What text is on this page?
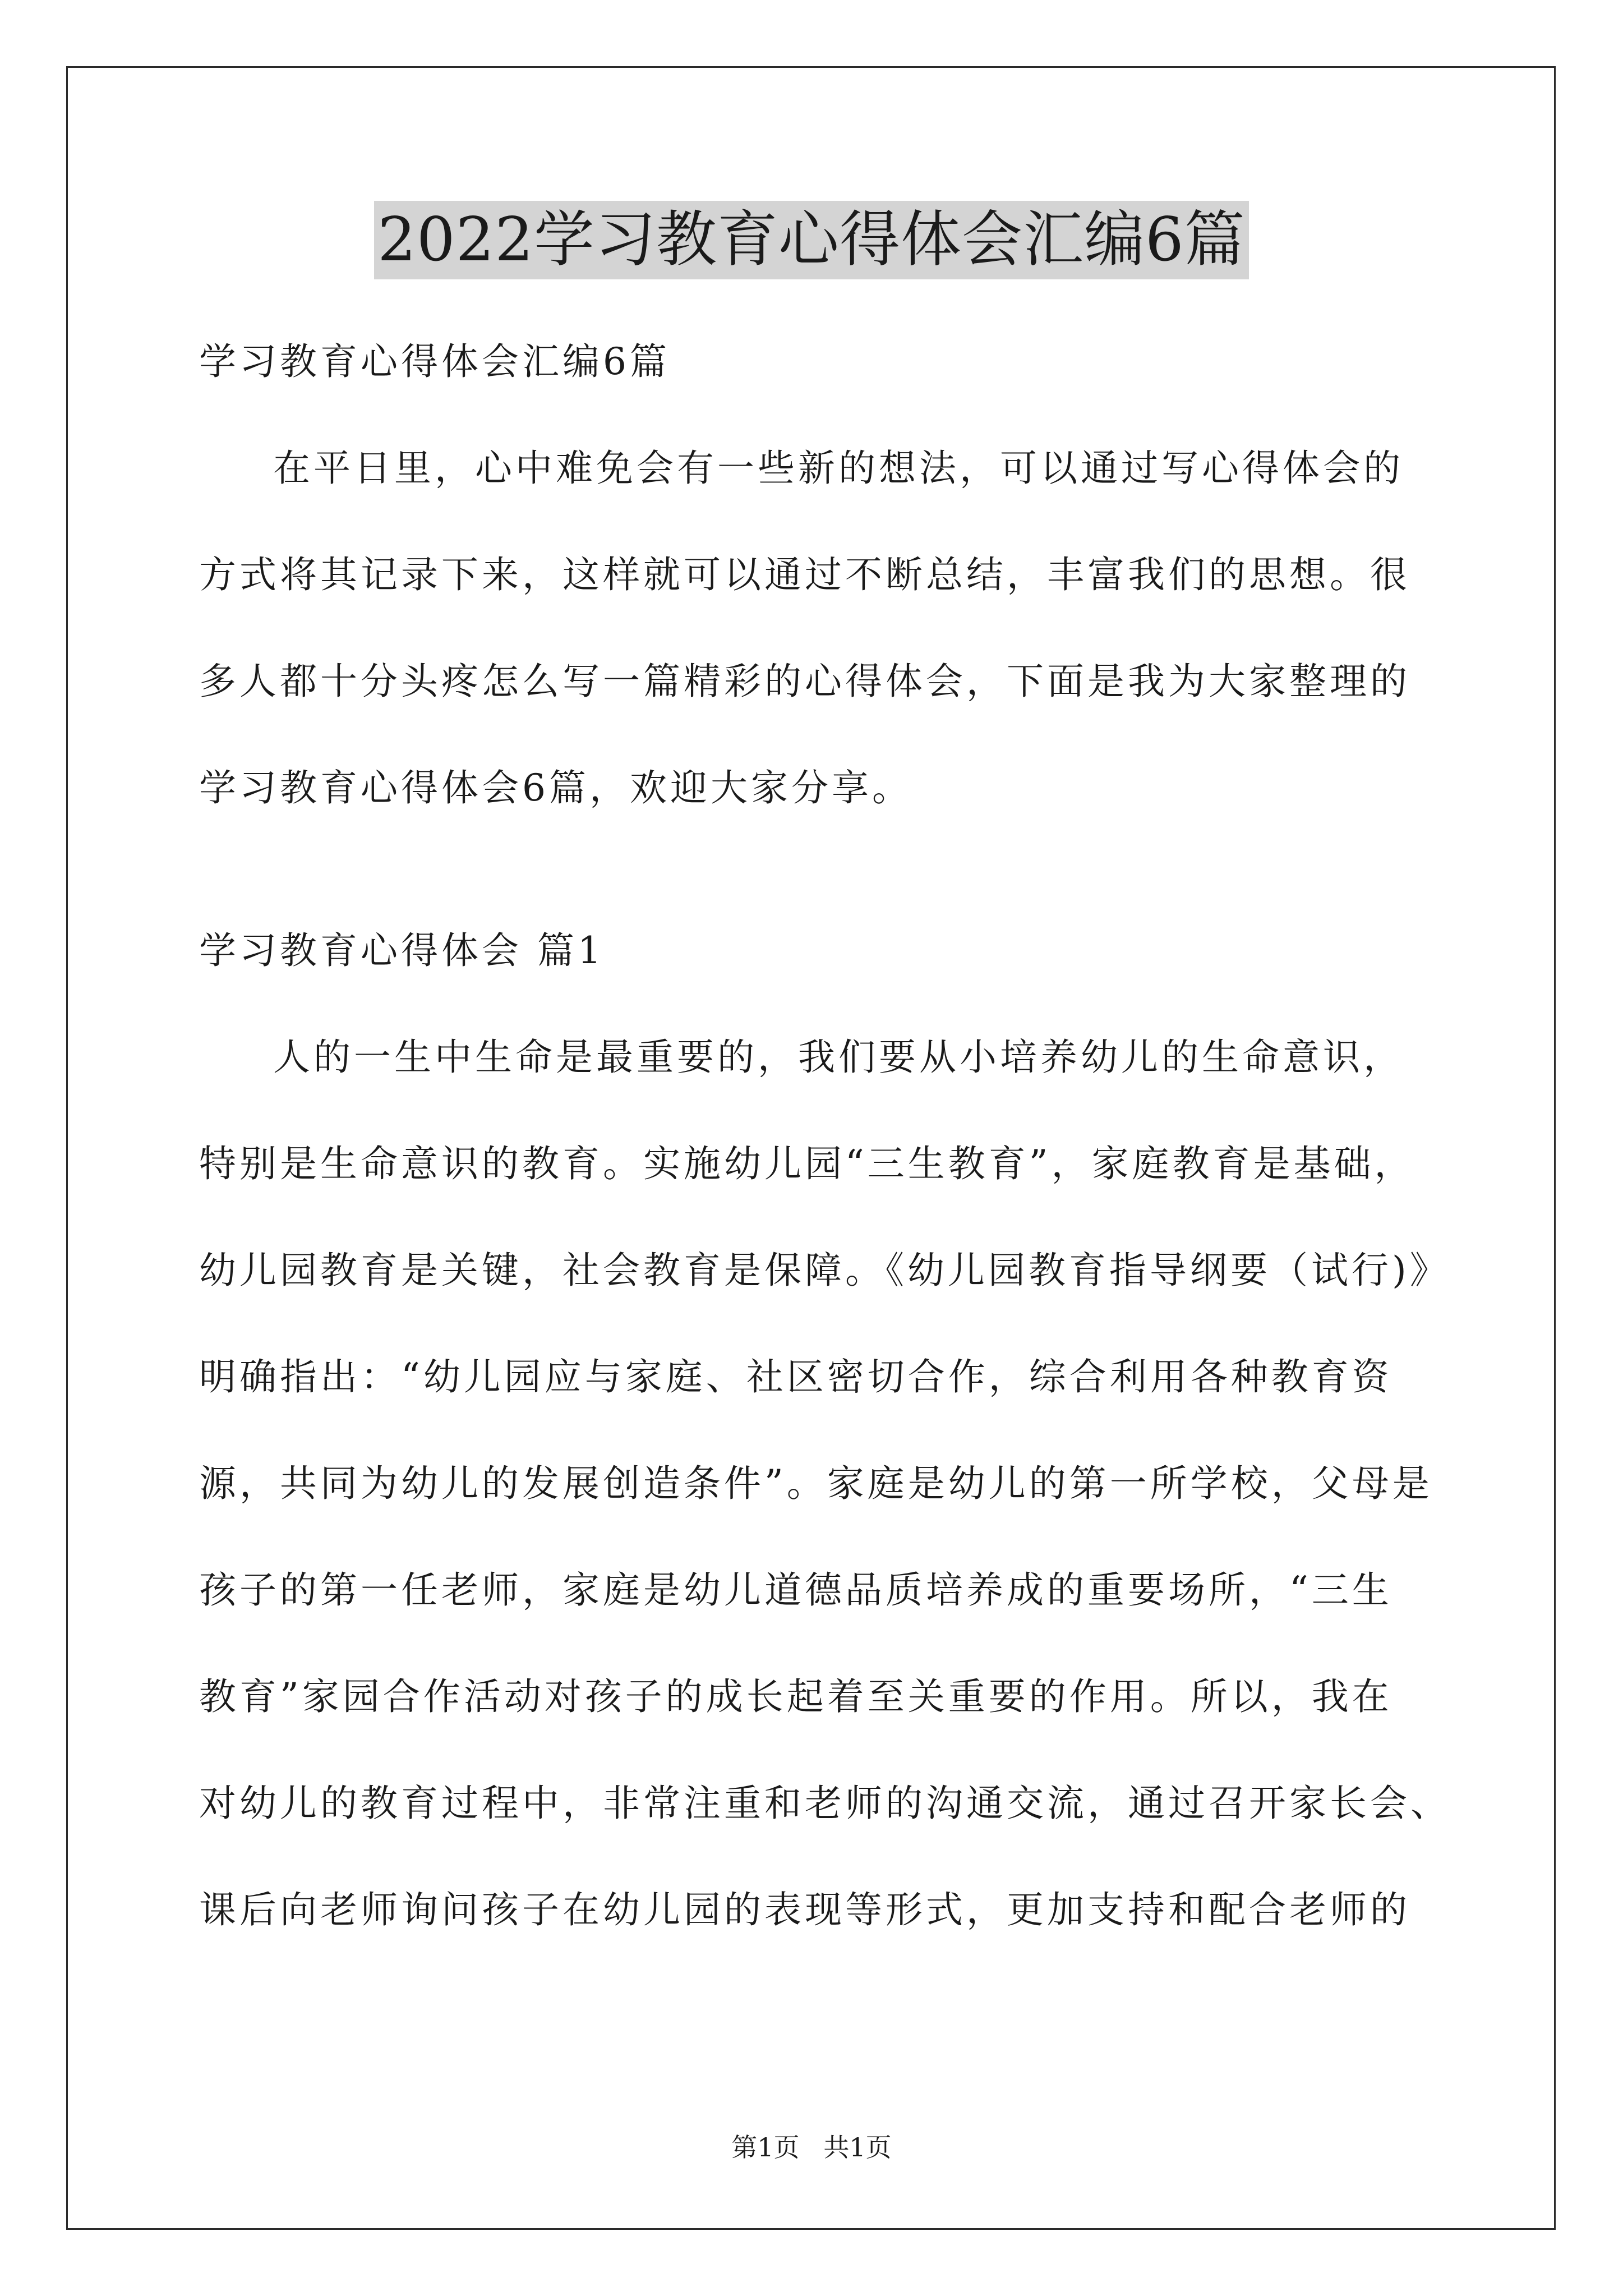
2022学习教育心得体会汇编6篇
学习教育心得体会汇编6篇
在平日里，心中难免会有一些新的想法，可以通过写心得体会的
方式将其记录下来，这样就可以通过不断总结，丰富我们的思想。很
多人都十分头疼怎么写一篇精彩的心得体会，下面是我为大家整理的
学习教育心得体会6篇，欢迎大家分享。
学习教育心得体会 篇1
人的一生中生命是最重要的，我们要从小培养幼儿的生命意识，
特别是生命意识的教育。实施幼儿园“三生教育”，家庭教育是基础，
幼儿园教育是关键，社会教育是保障。《幼儿园教育指导纲要（试行)》
明确指出：“幼儿园应与家庭、社区密切合作，综合利用各种教育资
源，共同为幼儿的发展创造条件”。家庭是幼儿的第一所学校，父母是
孩子的第一任老师，家庭是幼儿道德品质培养成的重要场所，“三生
教育”家园合作活动对孩子的成长起着至关重要的作用。所以，我在
对幼儿的教育过程中，非常注重和老师的沟通交流，通过召开家长会、
课后向老师询问孩子在幼儿园的表现等形式，更加支持和配合老师的
第1页 共1页
